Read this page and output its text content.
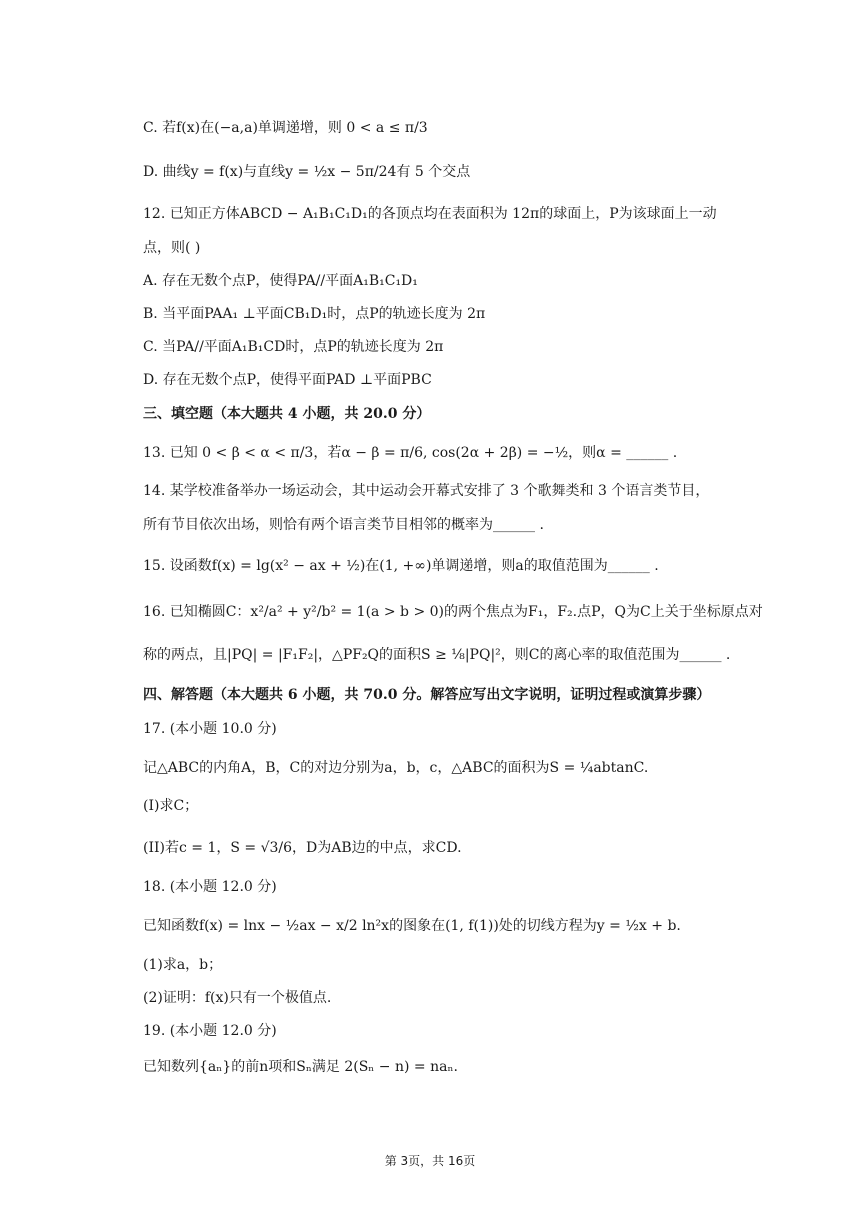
C. 若f(x)在(−a,a)单调递增，则 0 < a ≤ π/3
D. 曲线y = f(x)与直线y = ½x − 5π/24有 5 个交点
12. 已知正方体ABCD − A₁B₁C₁D₁的各顶点均在表面积为 12π的球面上，P为该球面上一动
点，则( )
A. 存在无数个点P，使得PA//平面A₁B₁C₁D₁
B. 当平面PAA₁ ⊥平面CB₁D₁时，点P的轨迹长度为 2π
C. 当PA//平面A₁B₁CD时，点P的轨迹长度为 2π
D. 存在无数个点P，使得平面PAD ⊥平面PBC
三、填空题（本大题共 4 小题，共 20.0 分）
13. 已知 0 < β < α < π/3，若α − β = π/6, cos(2α + 2β) = −½，则α = ______ .
14. 某学校准备举办一场运动会，其中运动会开幕式安排了 3 个歌舞类和 3 个语言类节目，
所有节目依次出场，则恰有两个语言类节目相邻的概率为______ .
15. 设函数f(x) = lg(x² − ax + ½)在(1, +∞)单调递增，则a的取值范围为______ .
16. 已知椭圆C：x²/a² + y²/b² = 1(a > b > 0)的两个焦点为F₁，F₂.点P，Q为C上关于坐标原点对
称的两点，且|PQ| = |F₁F₂|，△PF₂Q的面积S ≥ ⅛|PQ|²，则C的离心率的取值范围为______ .
四、解答题（本大题共 6 小题，共 70.0 分。解答应写出文字说明，证明过程或演算步骤）
17. (本小题 10.0 分)
记△ABC的内角A，B，C的对边分别为a，b，c，△ABC的面积为S = ¼abtanC.
(I)求C；
(II)若c = 1，S = √3/6，D为AB边的中点，求CD.
18. (本小题 12.0 分)
已知函数f(x) = lnx − ½ax − x/2 ln²x的图象在(1, f(1))处的切线方程为y = ½x + b.
(1)求a，b；
(2)证明：f(x)只有一个极值点.
19. (本小题 12.0 分)
已知数列{aₙ}的前n项和Sₙ满足 2(Sₙ − n) = naₙ.
第 3页，共 16页
